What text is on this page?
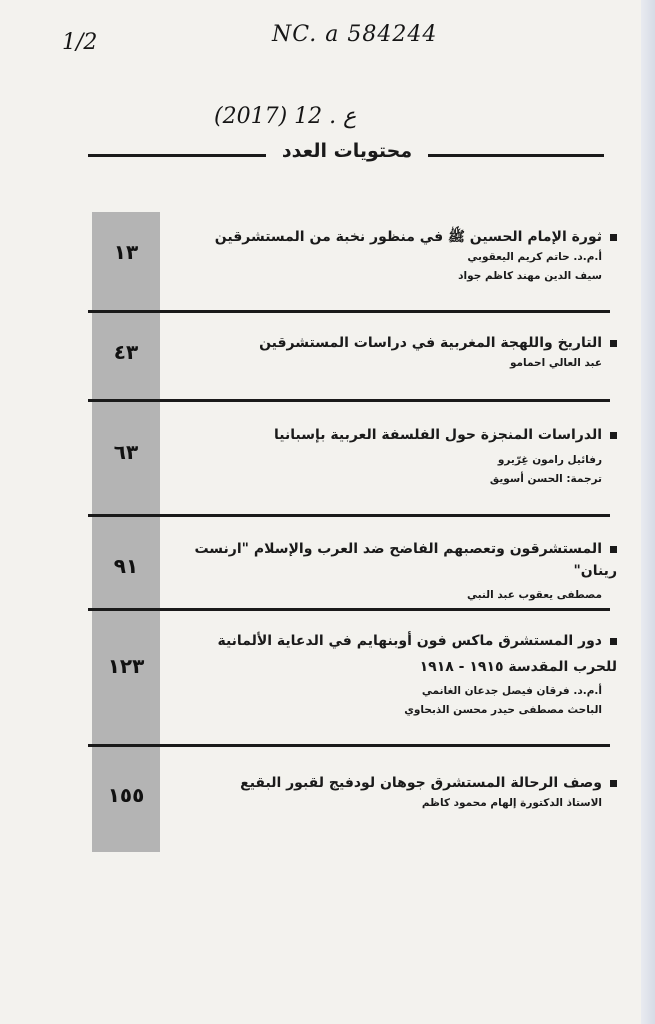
1/2	NC. a 584244
(2017) 12 . ع
محتويات العدد
١٣
٤٣
٦٣
٩١
١٢٣
١٥٥
ثورة الإمام الحسين ﷺ في منظور نخبة من المستشرقين
أ.م.د. حاتم كريم اليعقوبي
سيف الدين مهند كاظم جواد
التاريخ واللهجة المغربية في دراسات المستشرقين
عبد العالي احمامو
الدراسات المنجزة حول الفلسفة العربية بإسبانيا
رفائيل رامون غِرّيرو
ترجمة: الحسن أسويق
المستشرقون وتعصبهم الفاضح ضد العرب والإسلام "ارنست رينان"
مصطفى يعقوب عبد النبي
دور المستشرق ماكس فون أوبنهايم في الدعاية الألمانية
للحرب المقدسة ١٩١٥ - ١٩١٨
أ.م.د. فرقان فيصل جدعان الغانمي
الباحث مصطفى حيدر محسن الذبحاوي
وصف الرحالة المستشرق جوهان لودفيج لقبور البقيع
الاستاذ الدكتورة إلهام محمود كاظم
